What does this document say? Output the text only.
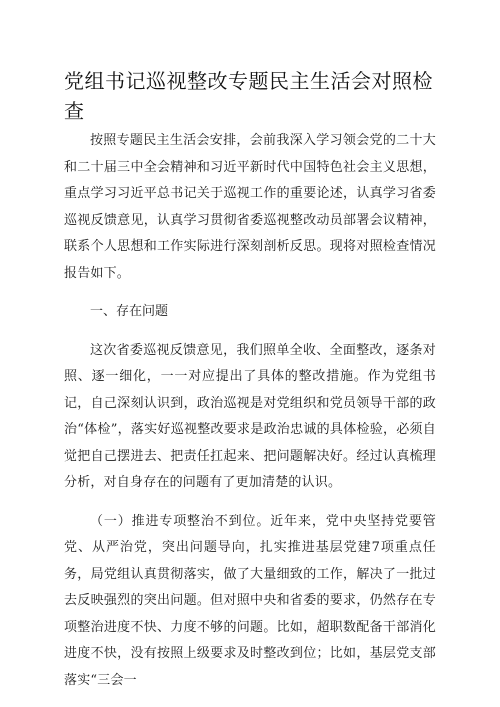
党组书记巡视整改专题民主生活会对照检查

按照专题民主生活会安排，会前我深入学习领会党的二十大和二十届三中全会精神和习近平新时代中国特色社会主义思想，重点学习习近平总书记关于巡视工作的重要论述，认真学习省委巡视反馈意见，认真学习贯彻省委巡视整改动员部署会议精神，联系个人思想和工作实际进行深刻剖析反思。现将对照检查情况报告如下。

一、存在问题

这次省委巡视反馈意见，我们照单全收、全面整改，逐条对照、逐一细化，一一对应提出了具体的整改措施。作为党组书记，自己深刻认识到，政治巡视是对党组织和党员领导干部的政治“体检”，落实好巡视整改要求是政治忠诚的具体检验，必须自觉把自己摆进去、把责任扛起来、把问题解决好。经过认真梳理分析，对自身存在的问题有了更加清楚的认识。

（一）推进专项整治不到位。近年来，党中央坚持党要管党、从严治党，突出问题导向，扎实推进基层党建7项重点任务，局党组认真贯彻落实，做了大量细致的工作，解决了一批过去反映强烈的突出问题。但对照中央和省委的要求，仍然存在专项整治进度不快、力度不够的问题。比如，超职数配备干部消化进度不快，没有按照上级要求及时整改到位；比如，基层党支部落实“三会一
